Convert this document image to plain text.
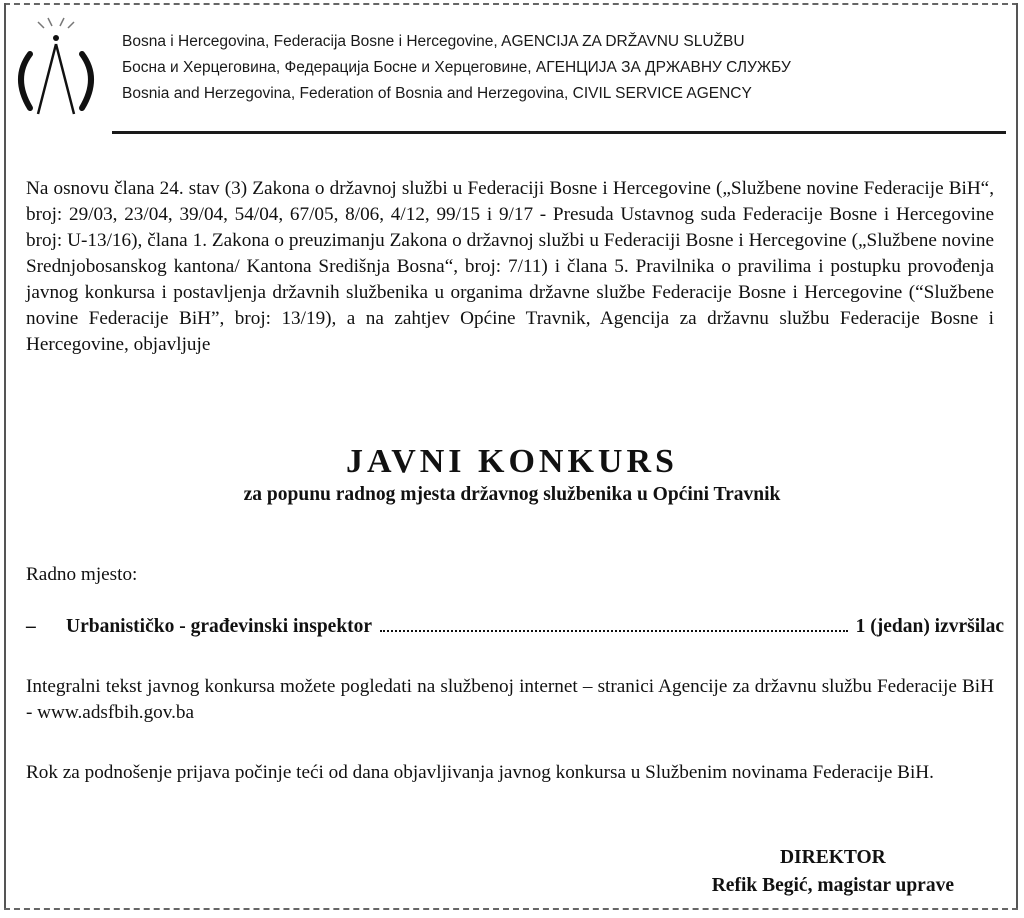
Bosna i Hercegovina, Federacija Bosne i Hercegovine, AGENCIJA ZA DRŽAVNU SLUŽBU
Босна и Херцеговина, Федерација Босне и Херцеговине, АГЕНЦИЈА ЗА ДРЖАВНУ СЛУЖБУ
Bosnia and Herzegovina, Federation of Bosnia and Herzegovina, CIVIL SERVICE AGENCY
Na osnovu člana 24. stav (3) Zakona o državnoj službi u Federaciji Bosne i Hercegovine („Službene novine Federacije BiH“, broj: 29/03, 23/04, 39/04, 54/04, 67/05, 8/06, 4/12, 99/15 i 9/17 - Presuda Ustavnog suda Federacije Bosne i Hercegovine broj: U-13/16), člana 1. Zakona o preuzimanju Zakona o državnoj službi u Federaciji Bosne i Hercegovine („Službene novine Srednjobosanskog kantona/ Kantona Središnja Bosna“, broj: 7/11) i člana 5. Pravilnika o pravilima i postupku provođenja javnog konkursa i postavljenja državnih službenika u organima državne službe Federacije Bosne i Hercegovine (“Službene novine Federacije BiH”, broj: 13/19), a na zahtjev Općine Travnik, Agencija za državnu službu Federacije Bosne i Hercegovine, objavljuje
JAVNI KONKURS
za popunu radnog mjesta državnog službenika u Općini Travnik
Radno mjesto:
–	Urbanističko - građevinski inspektor	1 (jedan) izvršilac
Integralni tekst javnog konkursa možete pogledati na službenoj internet – stranici Agencije za državnu službu Federacije BiH - www.adsfbih.gov.ba
Rok za podnošenje prijava počinje teći od dana objavljivanja javnog konkursa u Službenim novinama Federacije BiH.
DIREKTOR
Refik Begić, magistar uprave
